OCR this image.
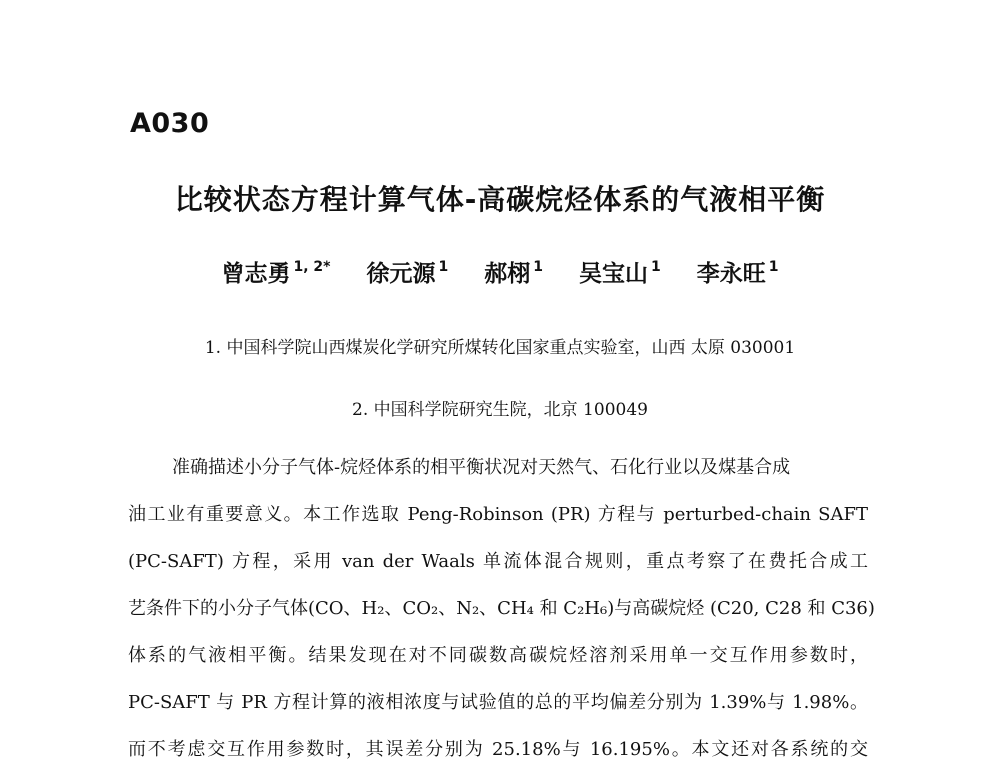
A030
比较状态方程计算气体-高碳烷烃体系的气液相平衡
曾志勇 $^{1, 2*}$ 徐元源 $^1$ 郝栩 $^1$ 吴宝山 $^1$ 李永旺 $^1$
1. 中国科学院山西煤炭化学研究所煤转化国家重点实验室，山西 太原 030001
2. 中国科学院研究生院，北京 100049
准确描述小分子气体-烷烃体系的相平衡状况对天然气、石化行业以及煤基合成
油工业有重要意义。本工作选取 Peng-Robinson (PR) 方程与 perturbed-chain SAFT
(PC-SAFT) 方程，采用 van der Waals 单流体混合规则，重点考察了在费托合成工
艺条件下的小分子气体(CO、H₂、CO₂、N₂、CH₄ 和 C₂H₆)与高碳烷烃 (C20, C28 和 C36)
体系的气液相平衡。结果发现在对不同碳数高碳烷烃溶剂采用单一交互作用参数时，
PC-SAFT 与 PR 方程计算的液相浓度与试验值的总的平均偏差分别为 1.39%与 1.98%。
而不考虑交互作用参数时，其误差分别为 25.18%与 16.195%。本文还对各系统的交
